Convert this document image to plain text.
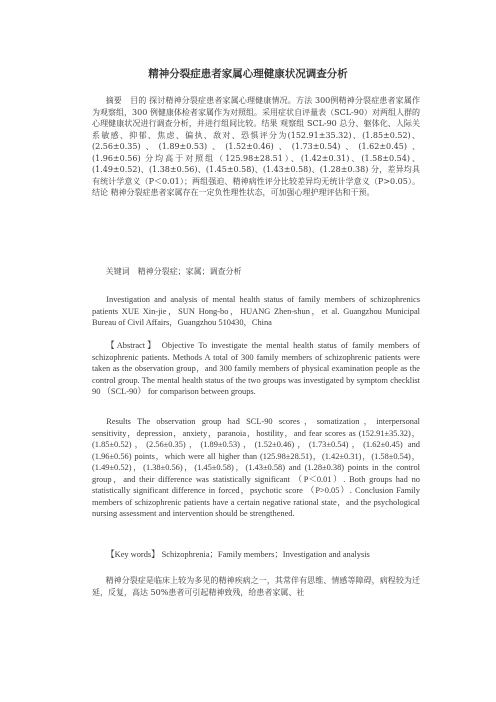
精神分裂症患者家属心理健康状况调查分析
摘要　目的 探讨精神分裂症患者家属心理健康情况。方法 300例精神分裂症患者家属作为观察组，300 例健康体检者家属作为对照组。采用症状自评量表（SCL-90）对两组人群的心理健康状况进行调查分析，并进行组间比较。结果 观察组 SCL-90 总分、躯体化、人际关系敏感、抑郁、焦虑、偏执、敌对、恐惧评分为(152.91±35.32)、(1.85±0.52)、(2.56±0.35)、(1.89±0.53)、(1.52±0.46)、(1.73±0.54)、(1.62±0.45)、(1.96±0.56) 分均高于对照组（125.98±28.51）、(1.42±0.31)、(1.58±0.54)、(1.49±0.52)、(1.38±0.56)、(1.45±0.58)、(1.43±0.58)、(1.28±0.38) 分，差异均具有统计学意义（P＜0.01）；两组强迫、精神病性评分比较差异均无统计学意义（P>0.05）。结论 精神分裂症患者家属存在一定负性理性状态，可加强心理护理评估和干预。
关键词　精神分裂症；家属；调查分析
Investigation and analysis of mental health status of family members of schizophrenics patients XUE Xin-jie，SUN Hong-bo，HUANG Zhen-shun，et al. Guangzhou Municipal Bureau of Civil Affairs，Guangzhou 510430，China
【Abstract】 Objective To investigate the mental health status of family members of schizophrenic patients. Methods A total of 300 family members of schizophrenic patients were taken as the observation group，and 300 family members of physical examination people as the control group. The mental health status of the two groups was investigated by symptom checklist 90 （SCL-90） for comparison between groups.
Results The observation group had SCL-90 scores，somatization，interpersonal sensitivity，depression，anxiety，paranoia，hostility，and fear scores as (152.91±35.32)，(1.85±0.52)，(2.56±0.35)，(1.89±0.53)，(1.52±0.46)，(1.73±0.54)，(1.62±0.45) and (1.96±0.56) points，which were all higher than (125.98±28.51)，(1.42±0.31)，(1.58±0.54)，(1.49±0.52)，(1.38±0.56)，(1.45±0.58)，(1.43±0.58) and (1.28±0.38) points in the control group，and their difference was statistically significant （P＜0.01）. Both groups had no statistically significant difference in forced，psychotic score （P>0.05）. Conclusion Family members of schizophrenic patients have a certain negative rational state，and the psychological nursing assessment and intervention should be strengthened.
【Key words】 Schizophrenia；Family members；Investigation and analysis
精神分裂症是临床上较为多见的精神疾病之一，其常伴有思维、情感等障碍，病程较为迁延，反复，高达 50%患者可引起精神致残，给患者家属、社
